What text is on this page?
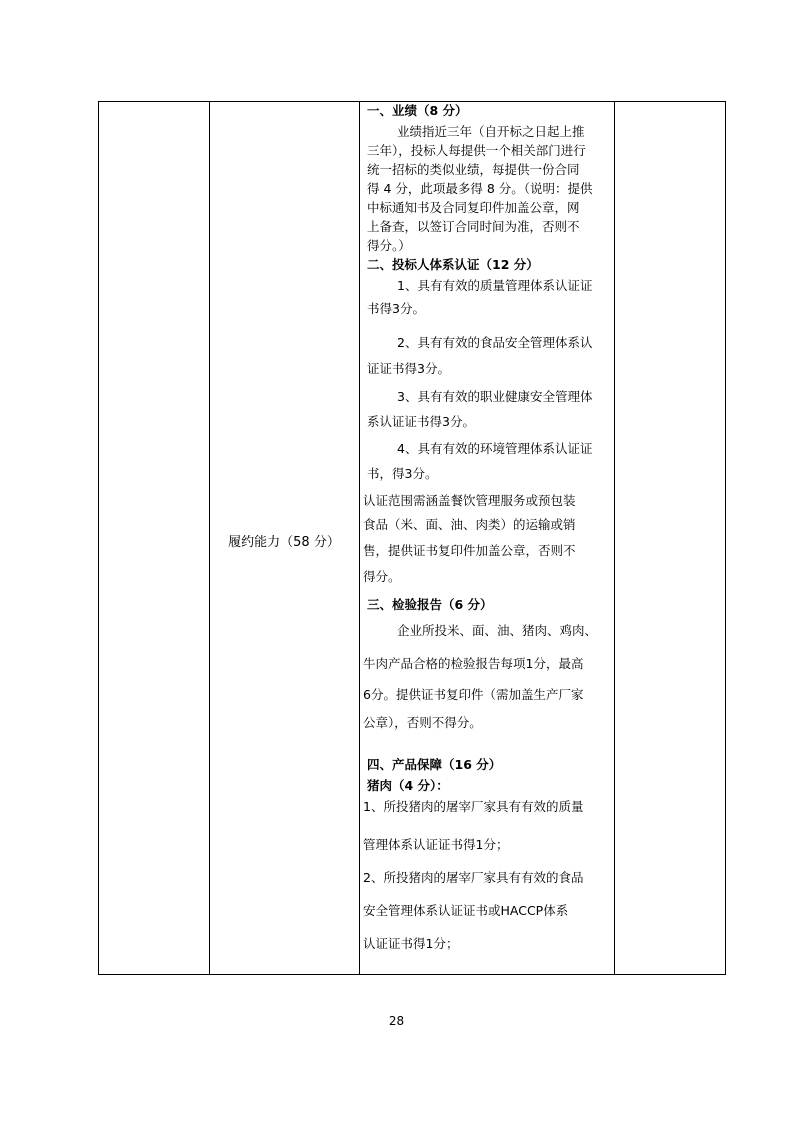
履约能力（58 分）
一、业绩（8 分）
业绩指近三年（自开标之日起上推
三年），投标人每提供一个相关部门进行
统一招标的类似业绩，每提供一份合同
得 4 分，此项最多得 8 分。（说明：提供
中标通知书及合同复印件加盖公章，网
上备查，以签订合同时间为准，否则不
得分。）
二、投标人体系认证（12 分）
1、具有有效的质量管理体系认证证
书得3分。
2、具有有效的食品安全管理体系认
证证书得3分。
3、具有有效的职业健康安全管理体
系认证证书得3分。
4、具有有效的环境管理体系认证证
书，得3分。
认证范围需涵盖餐饮管理服务或预包装
食品（米、面、油、肉类）的运输或销
售，提供证书复印件加盖公章，否则不
得分。
三、检验报告（6 分）
企业所投米、面、油、猪肉、鸡肉、
牛肉产品合格的检验报告每项1分，最高
6分。提供证书复印件（需加盖生产厂家
公章），否则不得分。
四、产品保障（16 分）
猪肉（4 分）：
1、所投猪肉的屠宰厂家具有有效的质量
管理体系认证证书得1分；
2、所投猪肉的屠宰厂家具有有效的食品
安全管理体系认证证书或HACCP体系
认证证书得1分；
28
